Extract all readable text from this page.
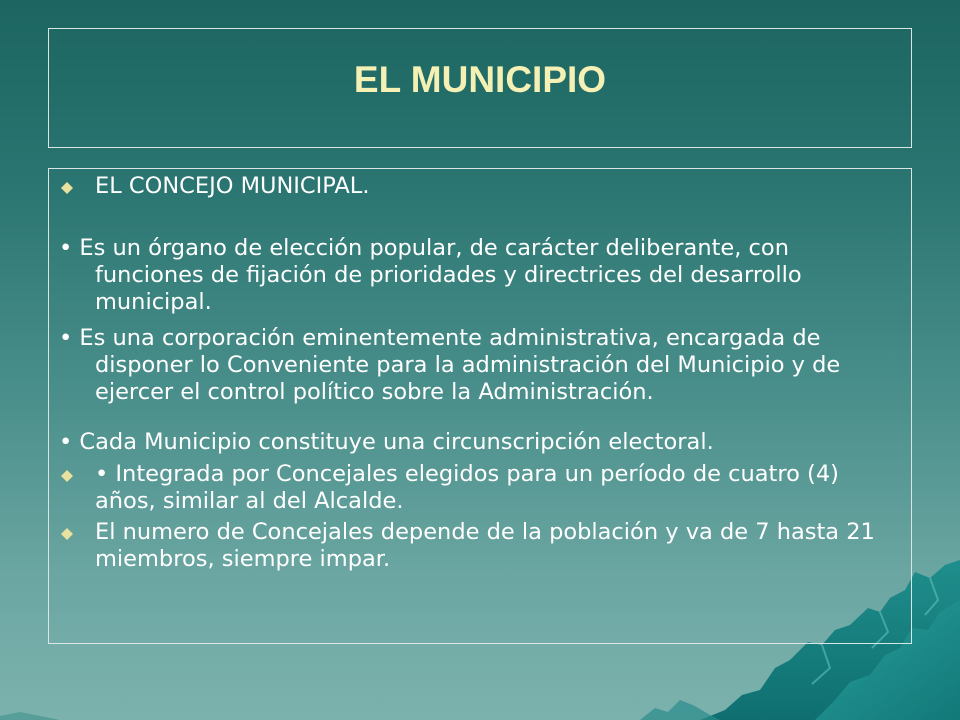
EL MUNICIPIO
EL CONCEJO MUNICIPAL.
• Es un órgano de elección popular, de carácter deliberante, con funciones de fijación de prioridades y directrices del desarrollo municipal.
• Es una corporación eminentemente administrativa, encargada de disponer lo Conveniente para la administración del Municipio y de ejercer el control político sobre la Administración.
• Cada Municipio constituye una circunscripción electoral.
• Integrada por Concejales elegidos para un período de cuatro (4) años, similar al del Alcalde.
El numero de Concejales depende de la población y va de 7 hasta 21 miembros, siempre impar.
